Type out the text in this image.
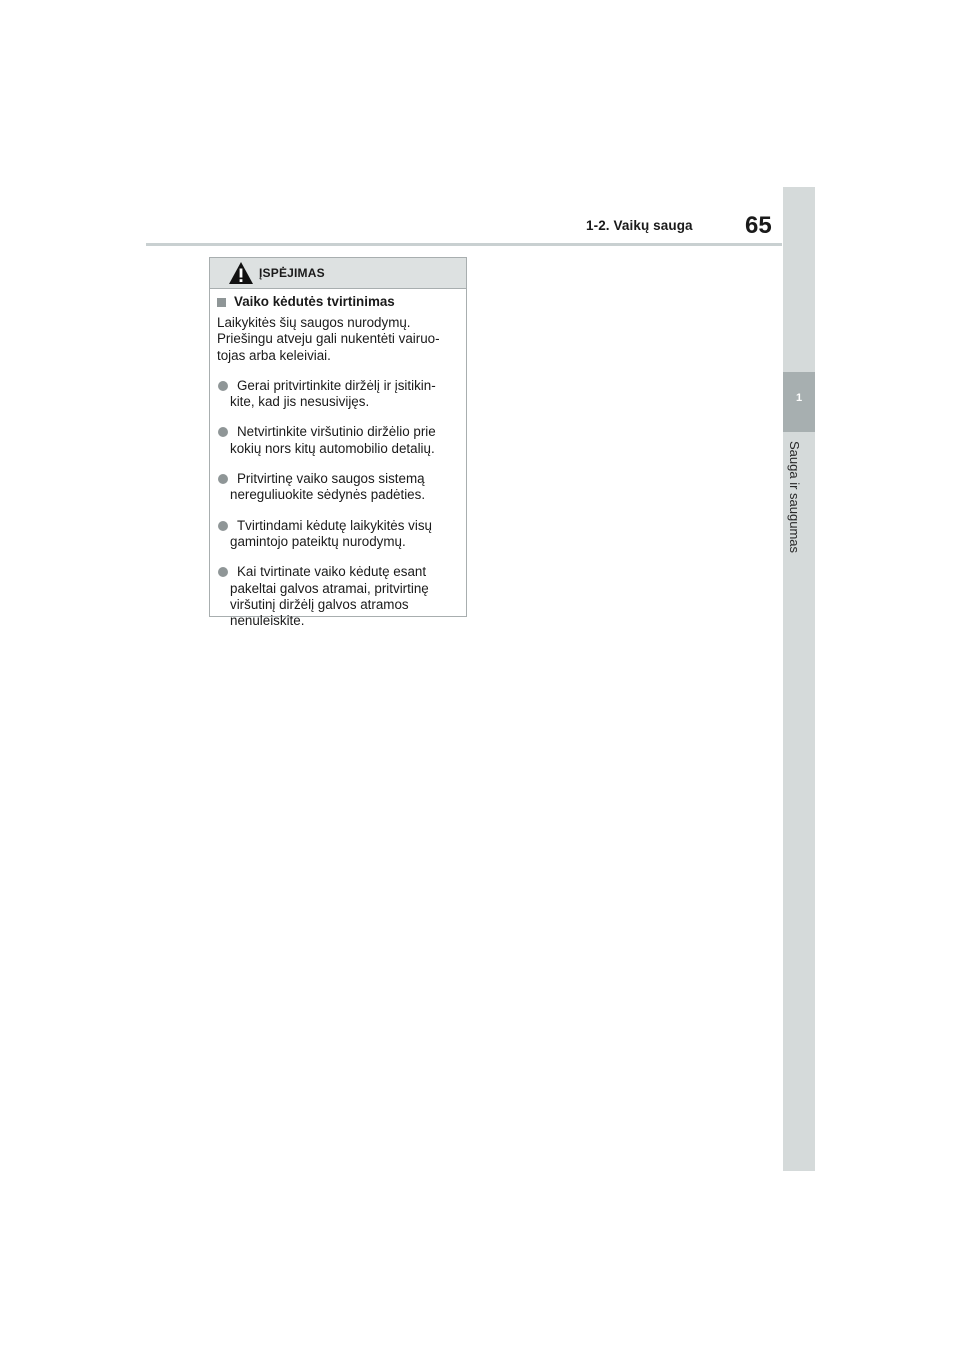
1-2. Vaikų sauga 65
1
Sauga ir saugumas
ĮSPĖJIMAS
Vaiko kėdutės tvirtinimas
Laikykitės šių saugos nurodymų.
Priešingu atveju gali nukentėti vairuo-
tojas arba keleiviai.
Gerai pritvirtinkite diržėlį ir įsitikin-
kite, kad jis nesusivijęs.
Netvirtinkite viršutinio diržėlio prie
kokių nors kitų automobilio detalių.
Pritvirtinę vaiko saugos sistemą
nereguliuokite sėdynės padėties.
Tvirtindami kėdutę laikykitės visų
gamintojo pateiktų nurodymų.
Kai tvirtinate vaiko kėdutę esant
pakeltai galvos atramai, pritvirtinę
viršutinį diržėlį galvos atramos
nenuleiskite.
